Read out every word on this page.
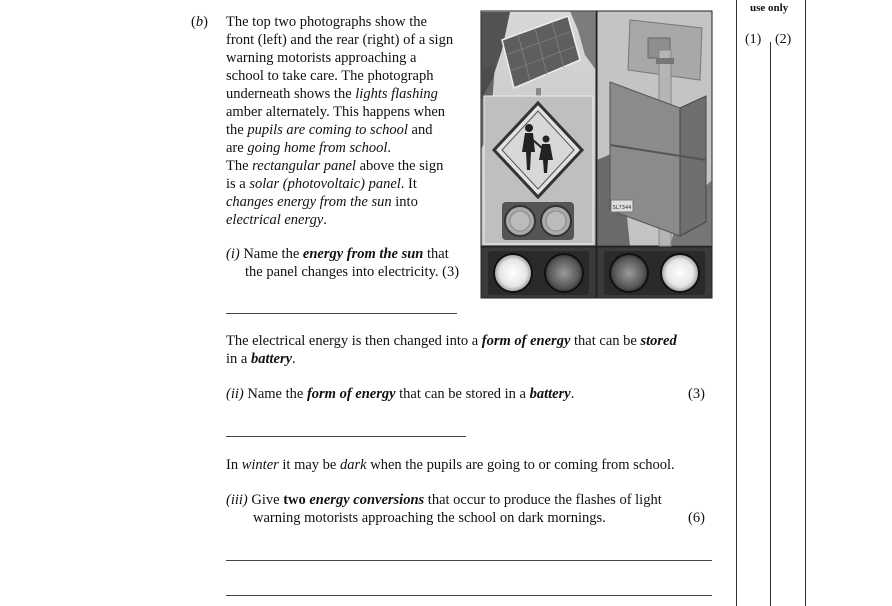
use only
(1) (2)
(b) The top two photographs show the
front (left) and the rear (right) of a sign
warning motorists approaching a
school to take care. The photograph
underneath shows the lights flashing
amber alternately. This happens when
the pupils are coming to school and
are going home from school.
The rectangular panel above the sign
is a solar (photovoltaic) panel. It
changes energy from the sun into
electrical energy.
(i) Name the energy from the sun that
the panel changes into electricity. (3)
The electrical energy is then changed into a form of energy that can be stored
in a battery.
(ii) Name the form of energy that can be stored in a battery.	(3)
In winter it may be dark when the pupils are going to or coming from school.
(iii) Give two energy conversions that occur to produce the flashes of light
warning motorists approaching the school on dark mornings.	(6)
SL7344
